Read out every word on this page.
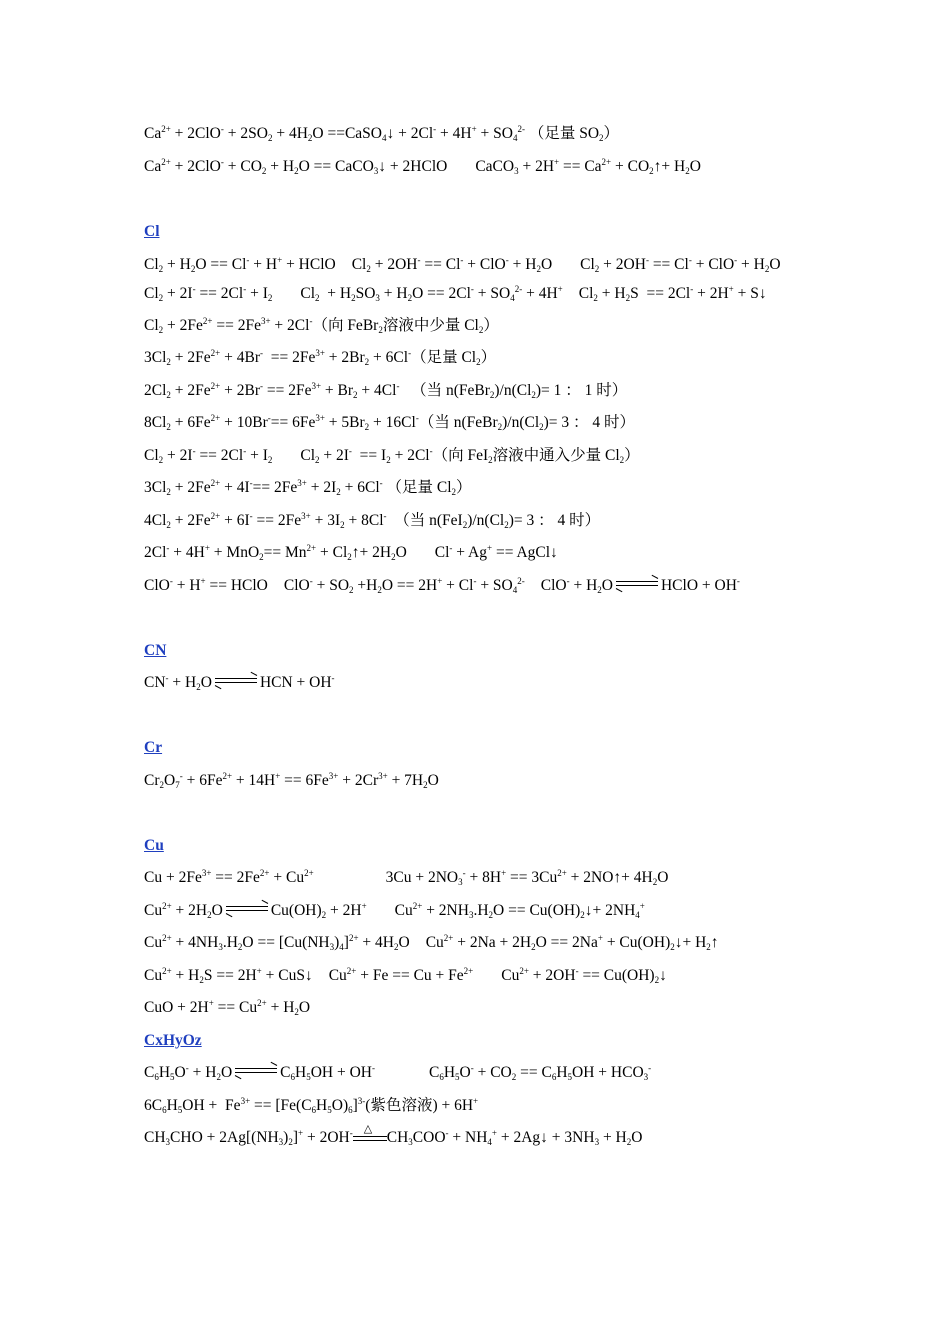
$Ca^{2+} + 2ClO^- + 2SO_2 + 4H_2O$ ==CaSO$_4$↓ + $2Cl^- + 4H^+ + SO_4^{2-}$ （足量 $SO_2$）
$Ca^{2+} + 2ClO^- + CO_2 + H_2O$ == CaCO$_3$↓ + 2HClO CaCO$_3$ + $2H^+ == Ca^{2+}$ + $CO_2↑+ H_2O$
Cl
$Cl_2 + H_2O == Cl^- + H^+$ + HClO $Cl_2 + 2OH^- == Cl^- + ClO^- + H_2O$ $Cl_2 + 2OH^- == Cl^- + ClO^- + H_2O$
$Cl_2 + 2I^- == 2Cl^- + I_2$ $Cl_2 + H_2SO_3 + H_2O == 2Cl^- + SO_4^{2-} + 4H^+$ $Cl_2 + H_2S == 2Cl^- + 2H^+$ + S↓
$Cl_2 + 2Fe^{2+} == 2Fe^{3+} + 2Cl^-$（向 FeBr$_2$溶液中少量 $Cl_2$）
$3Cl_2 + 2Fe^{2+} + 4Br^- == 2Fe^{3+} + 2Br_2 + 6Cl^-$（足量 $Cl_2$）
$2Cl_2 + 2Fe^{2+} + 2Br^- == 2Fe^{3+} + Br_2 + 4Cl^-$ （当 $n(FeBr_2)/n(Cl_2)= 1$ ： 1 时）
$8Cl_2 + 6Fe^{2+} + 10Br^-== 6Fe^{3+} + 5Br_2 + 16Cl^-$（当 $n(FeBr_2)/n(Cl_2)= 3$ ： 4 时）
$Cl_2 + 2I^- == 2Cl^- + I_2$ $Cl_2 + 2I^- == I_2 + 2Cl^-$（向 FeI$_2$溶液中通入少量 $Cl_2$）
$3Cl_2 + 2Fe^{2+} + 4I^-== 2Fe^{3+} + 2I_2 + 6Cl^-$ （足量 $Cl_2$）
$4Cl_2 + 2Fe^{2+} + 6I^- == 2Fe^{3+} + 3I_2 + 8Cl^-$ （当 $n(FeI_2)/n(Cl_2)= 3$ ： 4 时）
$2Cl^- + 4H^+ + MnO_2== Mn^{2+}$ + $Cl_2↑+ 2H_2O$ Cl- + Ag+ == AgCl↓
ClO- + H+ == HClO $ClO^- + SO_2 +H_2O == 2H^+ + Cl^- + SO_4^{2-}$ $ClO^- + H_2O$	HClO + OH-
CN
$CN^- + H_2O$	HCN + OH-
Cr
$Cr_2O_7^- + 6Fe^{2+} + 14H^+ == 6Fe^{3+} + 2Cr^{3+} + 7H_2O$
Cu
$Cu + 2Fe^{3+} == 2Fe^{2+} + Cu^{2+}$	$3Cu + 2NO_3^- + 8H^+ == 3Cu^{2+}$ + 2NO↑+ $4H_2O$
$Cu^{2+} + 2H_2O$	$Cu(OH)_2 + 2H^+$ $Cu^{2+} + 2NH_3.H_2O$ == $Cu(OH)_2↓+ 2NH_4^+$
$Cu^{2+} + 4NH_3.H_2O == [Cu(NH_3)_4]^{2+} + 4H_2O$ $Cu^{2+} + 2Na + 2H_2O == 2Na^+$ + $Cu(OH)_2↓+$ $H_2↑$
$Cu^{2+} + H_2S == 2H^+$ + CuS↓ $Cu^{2+} + Fe == Cu + Fe^{2+}$ $Cu^{2+} + 2OH^-$ == $Cu(OH)_2↓$
CuO + $2H^+ == Cu^{2+} + H_2O$
CxHyOz
$C_6H_5O^- + H_2O$	$C_6H_5OH + OH^-$	$C_6H_5O^- + CO_2 == C_6H_5OH + HCO_3^-$
$6C_6H_5OH + Fe^{3+} == [Fe(C_6H_5O)_6]^{3-}$(紫色溶液) + 6H+
$CH_3CHO + 2Ag[(NH_3)_2]^+ + 2OH^-$ △ $CH_3COO^- + NH_4^+$ + 2Ag↓ + $3NH_3 + H_2O$
